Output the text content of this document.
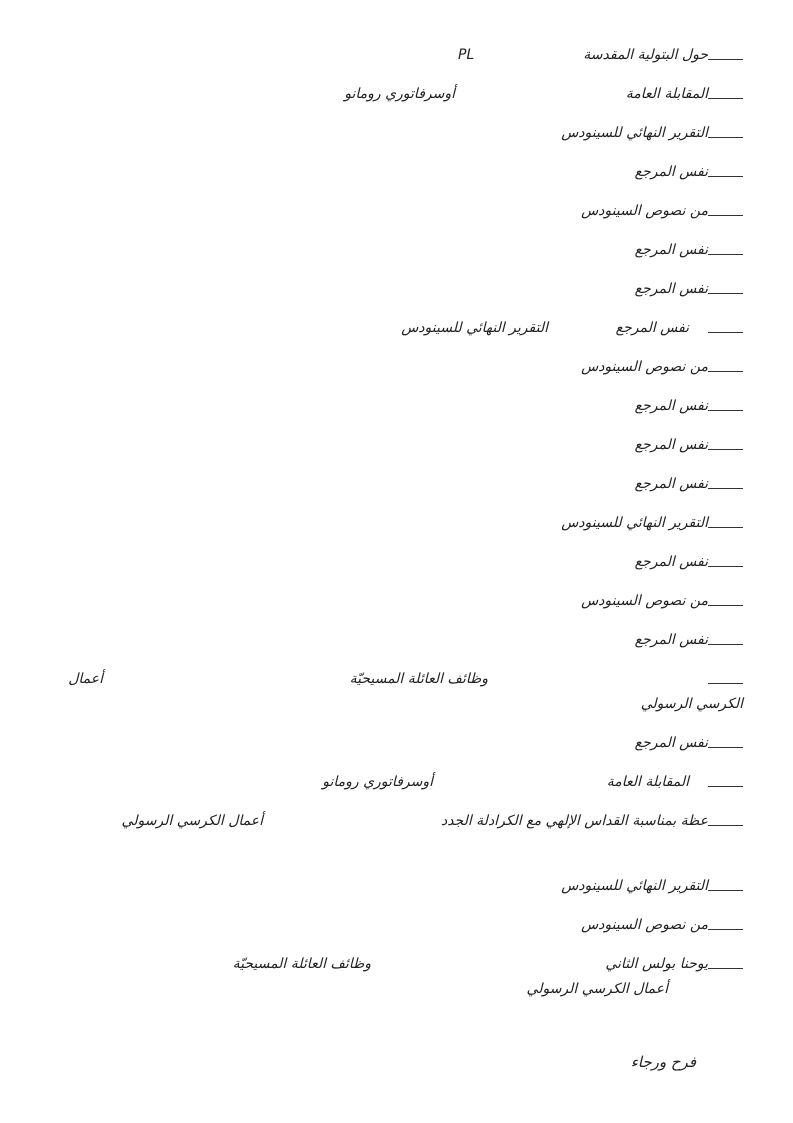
حول البتولية المقدسة
PL
المقابلة العامة
أوسرفاتوري رومانو
التقرير النهائي للسينودس
نفس المرجع
من نصوص السينودس
نفس المرجع
نفس المرجع
نفس المرجع
التقرير النهائي للسينودس
من نصوص السينودس
نفس المرجع
نفس المرجع
نفس المرجع
التقرير النهائي للسينودس
نفس المرجع
من نصوص السينودس
نفس المرجع
وظائف العائلة المسيحيّة
أعمال
الكرسي الرسولي
نفس المرجع
المقابلة العامة
أوسرفاتوري رومانو
عظة بمناسبة القداس الإلهي مع الكرادلة الجدد
أعمال الكرسي الرسولي
التقرير النهائي للسينودس
من نصوص السينودس
يوحنا بولس الثاني
وظائف العائلة المسيحيّة
أعمال الكرسي الرسولي
فرح ورجاء
